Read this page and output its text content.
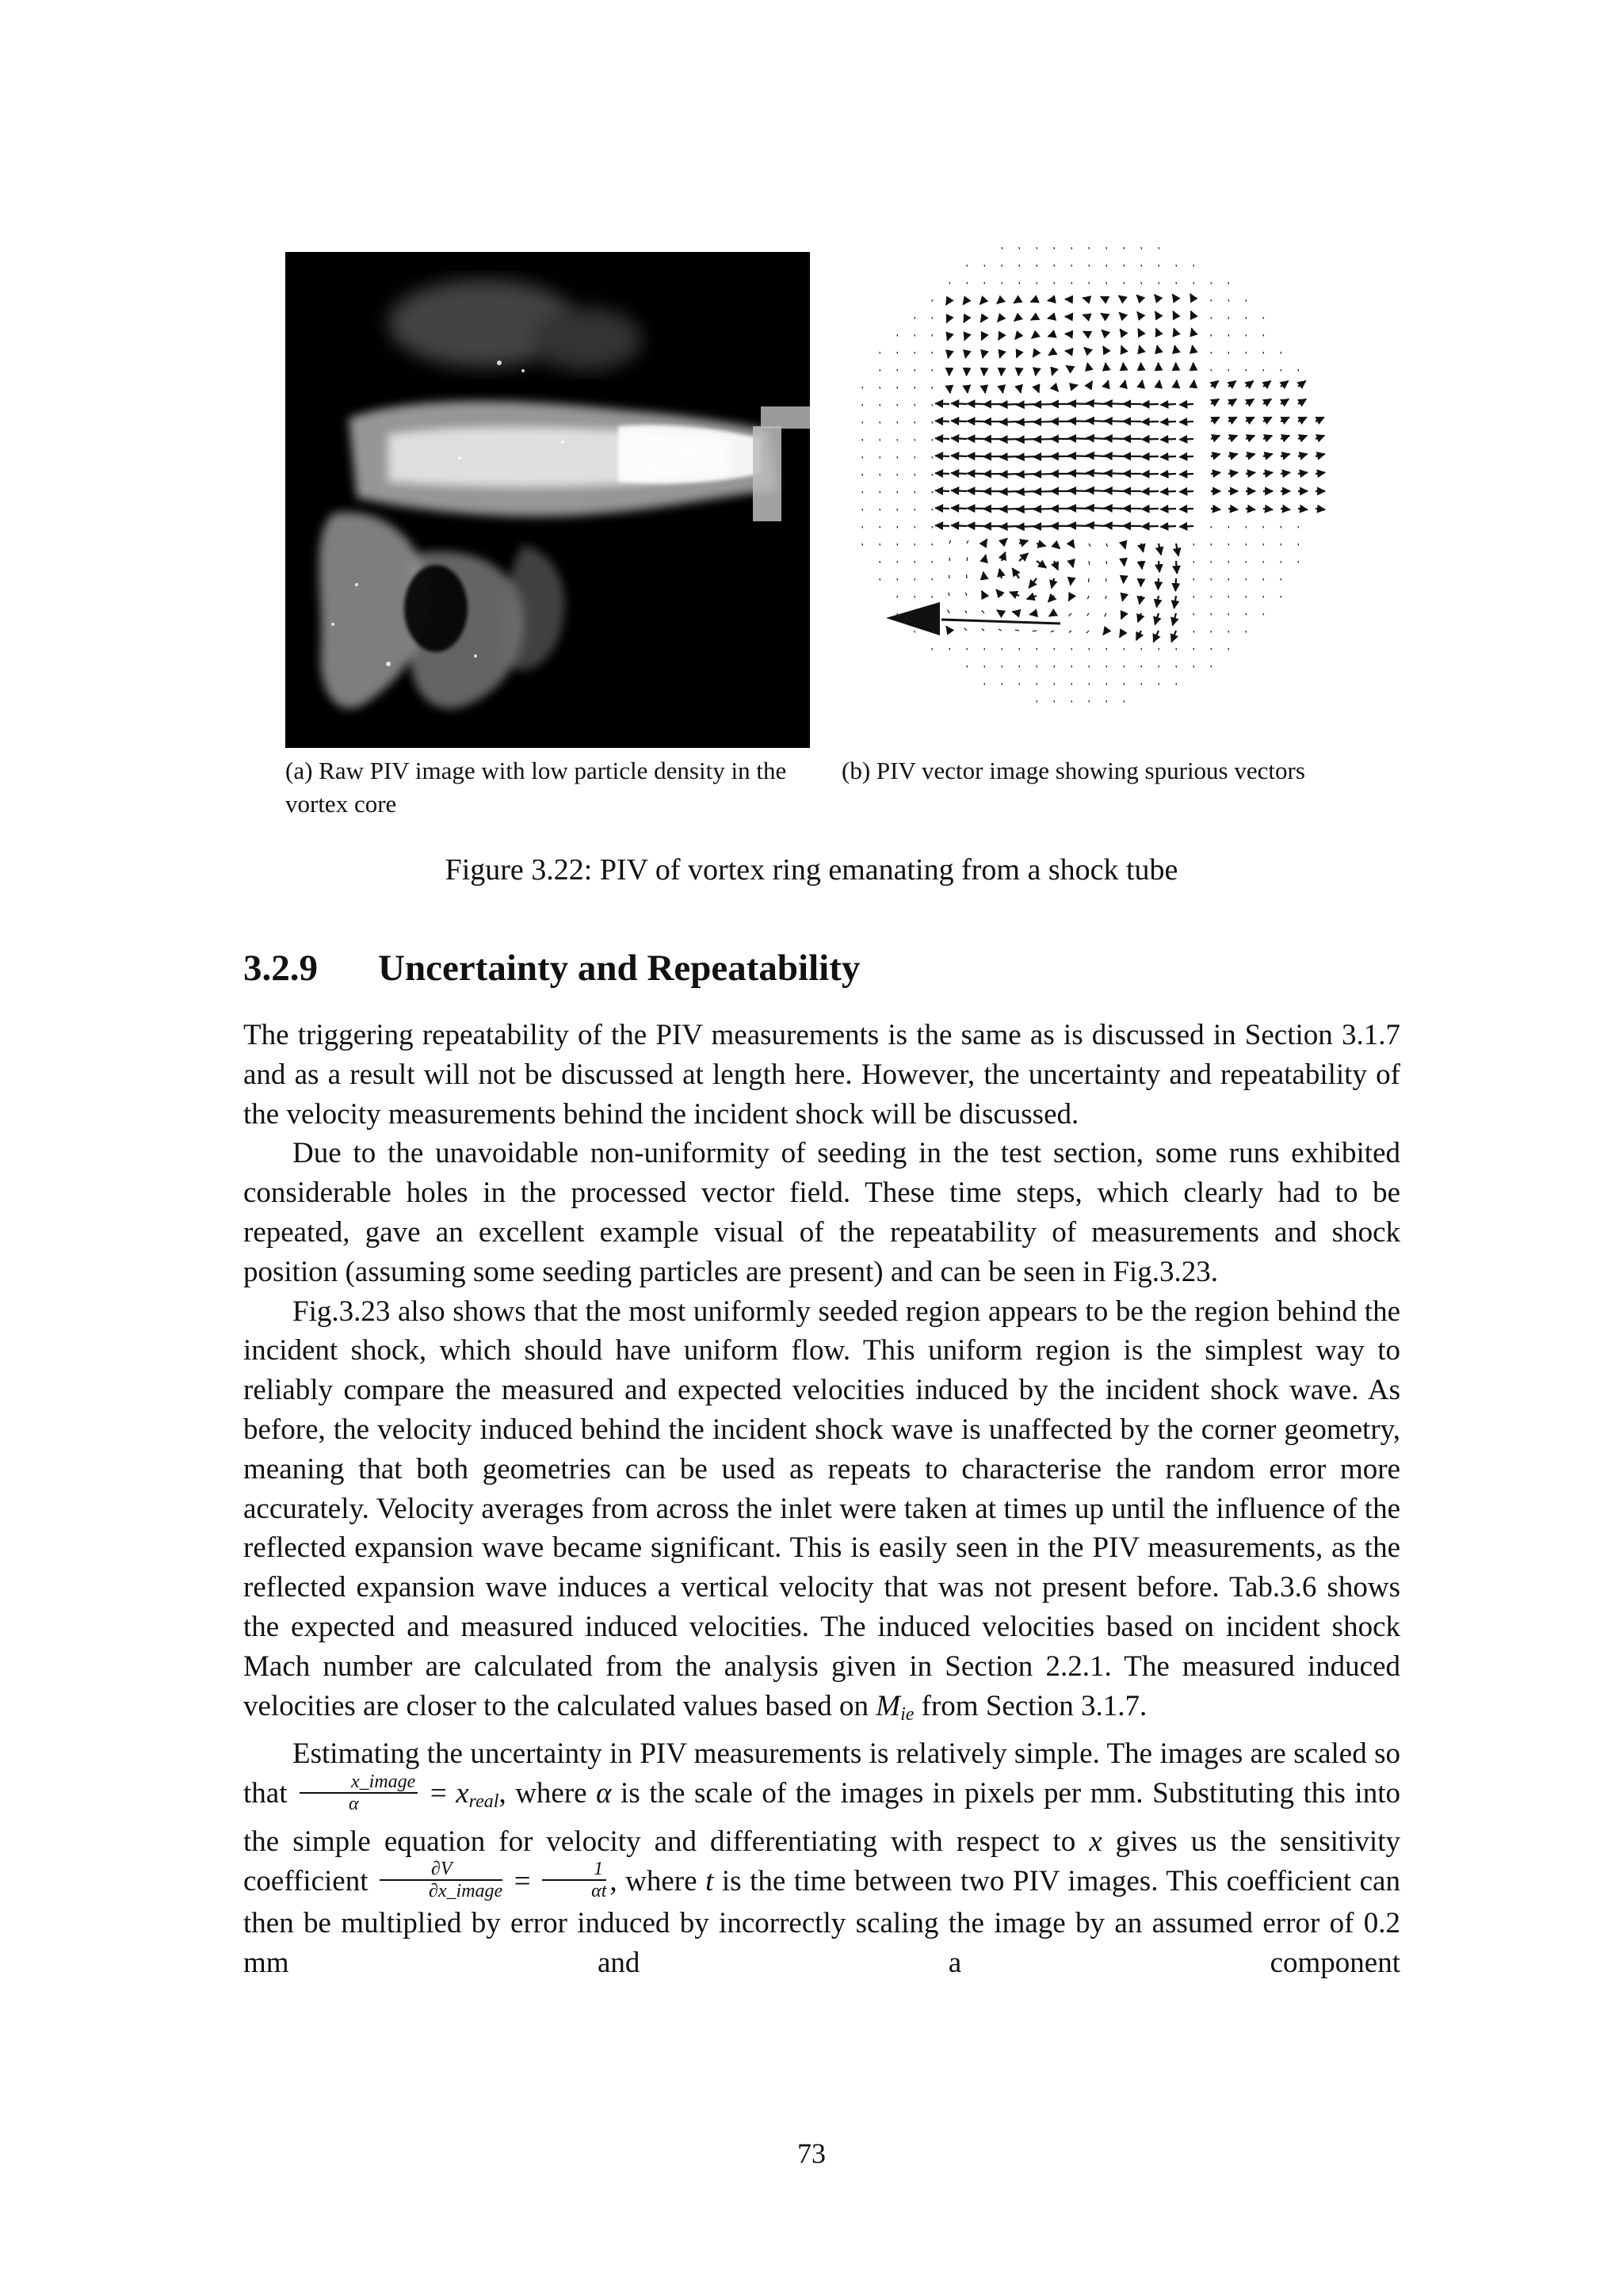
(a) Raw PIV image with low particle density in the vortex core
(b) PIV vector image showing spurious vectors
Figure 3.22: PIV of vortex ring emanating from a shock tube
3.2.9 Uncertainty and Repeatability

The triggering repeatability of the PIV measurements is the same as is discussed in Section 3.1.7 and as a result will not be discussed at length here. However, the uncertainty and repeatability of the velocity measurements behind the incident shock will be discussed.

Due to the unavoidable non-uniformity of seeding in the test section, some runs exhibited considerable holes in the processed vector field. These time steps, which clearly had to be repeated, gave an excellent example visual of the repeatability of measurements and shock position (assuming some seeding particles are present) and can be seen in Fig.3.23.

Fig.3.23 also shows that the most uniformly seeded region appears to be the region behind the incident shock, which should have uniform flow. This uniform region is the simplest way to reliably compare the measured and expected velocities induced by the incident shock wave. As before, the velocity induced behind the incident shock wave is unaffected by the corner geometry, meaning that both geometries can be used as repeats to characterise the random error more accurately. Velocity averages from across the inlet were taken at times up until the influence of the reflected expansion wave became significant. This is easily seen in the PIV measurements, as the reflected expansion wave induces a vertical velocity that was not present before. Tab.3.6 shows the expected and measured induced velocities. The induced velocities based on incident shock Mach number are calculated from the analysis given in Section 2.2.1. The measured induced velocities are closer to the calculated values based on $M_{ie}$ from Section 3.1.7.

Estimating the uncertainty in PIV measurements is relatively simple. The images are scaled so that $\frac{\text{x\_image}}{\alpha} = x_{real}$, where α is the scale of the images in pixels per mm. Substituting this into the simple equation for velocity and differentiating with respect to x gives us the sensitivity coefficient $\frac{\partial V}{\text{∂x\_image}} = \frac{1}{\alpha t}$ , where t is the time between two PIV images. This coefficient can then be multiplied by error induced by incorrectly scaling the image by an assumed error of 0.2 mm and a component

73
